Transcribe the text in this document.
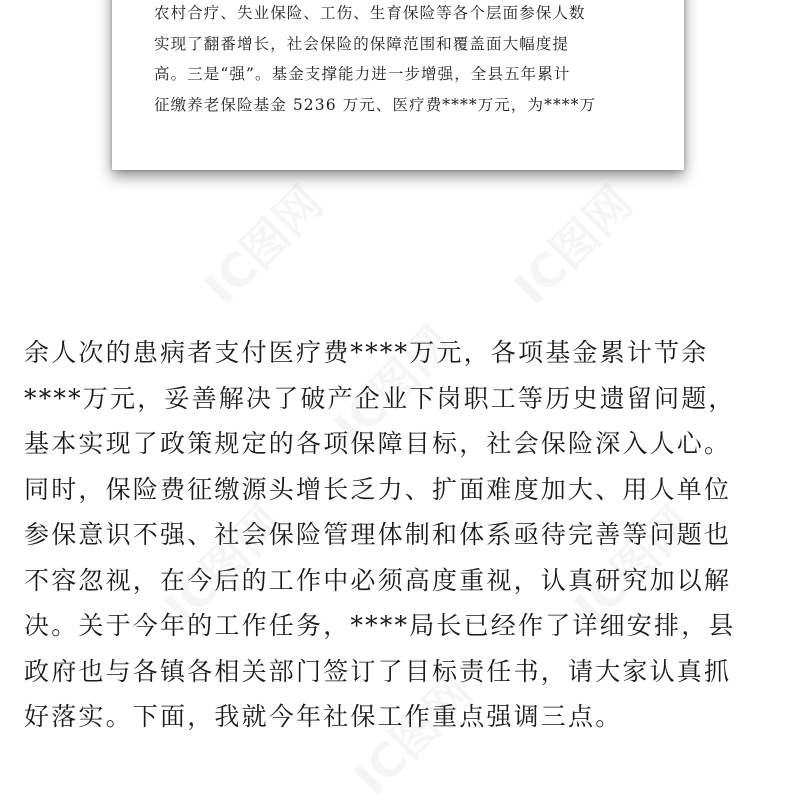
农村合疗、失业保险、工伤、生育保险等各个层面参保人数
实现了翻番增长，社会保险的保障范围和覆盖面大幅度提
高。三是“强”。基金支撑能力进一步增强，全县五年累计
征缴养老保险基金 5236 万元、医疗费****万元，为****万

IC图网	IC图网
IC图网
IC图网	IC图网
IC图网

余人次的患病者支付医疗费****万元，各项基金累计节余
****万元，妥善解决了破产企业下岗职工等历史遗留问题，
基本实现了政策规定的各项保障目标，社会保险深入人心。
同时，保险费征缴源头增长乏力、扩面难度加大、用人单位
参保意识不强、社会保险管理体制和体系亟待完善等问题也
不容忽视，在今后的工作中必须高度重视，认真研究加以解
决。关于今年的工作任务，****局长已经作了详细安排，县
政府也与各镇各相关部门签订了目标责任书，请大家认真抓
好落实。下面，我就今年社保工作重点强调三点。
